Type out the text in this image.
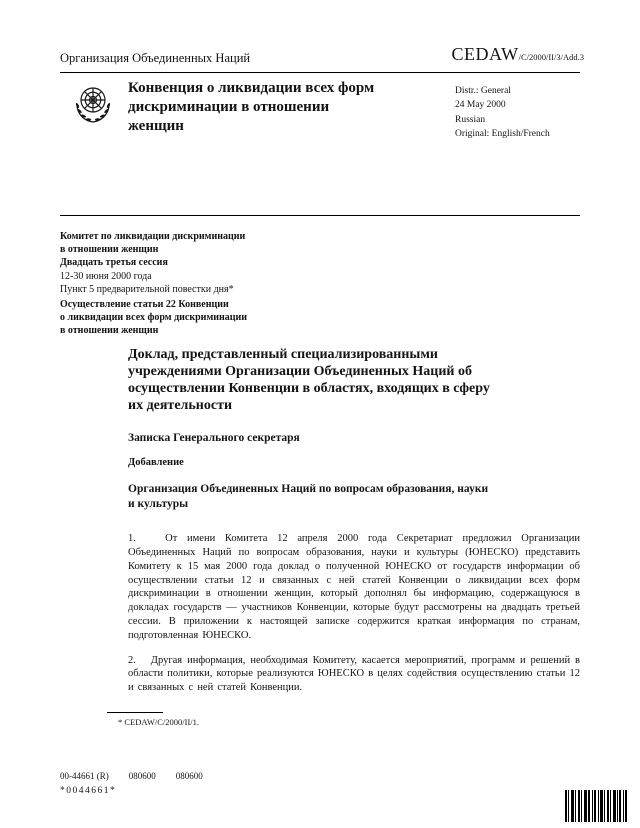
Организация Объединенных Наций	CEDAW /C/2000/II/3/Add.3
Конвенция о ликвидации всех форм дискриминации в отношении женщин
Distr.: General
24 May 2000
Russian
Original: English/French
Комитет по ликвидации дискриминации
в отношении женщин
Двадцать третья сессия
12-30 июня 2000 года
Пункт 5 предварительной повестки дня*
Осуществление статьи 22 Конвенции
о ликвидации всех форм дискриминации
в отношении женщин
Доклад, представленный специализированными учреждениями Организации Объединенных Наций об осуществлении Конвенции в областях, входящих в сферу их деятельности
Записка Генерального секретаря
Добавление
Организация Объединенных Наций по вопросам образования, науки и культуры
1.   От имени Комитета 12 апреля 2000 года Секретариат предложил Организации Объединенных Наций по вопросам образования, науки и культуры (ЮНЕСКО) представить Комитету к 15 мая 2000 года доклад о полученной ЮНЕСКО от государств информации об осуществлении статьи 12 и связанных с ней статей Конвенции о ликвидации всех форм дискриминации в отношении женщин, который дополнял бы информацию, содержащуюся в докладах государств — участников Конвенции, которые будут рассмотрены на двадцать третьей сессии. В приложении к настоящей записке содержится краткая информация по странам, подготовленная ЮНЕСКО.
2.   Другая информация, необходимая Комитету, касается мероприятий, программ и решений в области политики, которые реализуются ЮНЕСКО в целях содействия осуществлению статьи 12 и связанных с ней статей Конвенции.
* CEDAW/C/2000/II/1.
00-44661 (R) 080600 080600
*0044661*
